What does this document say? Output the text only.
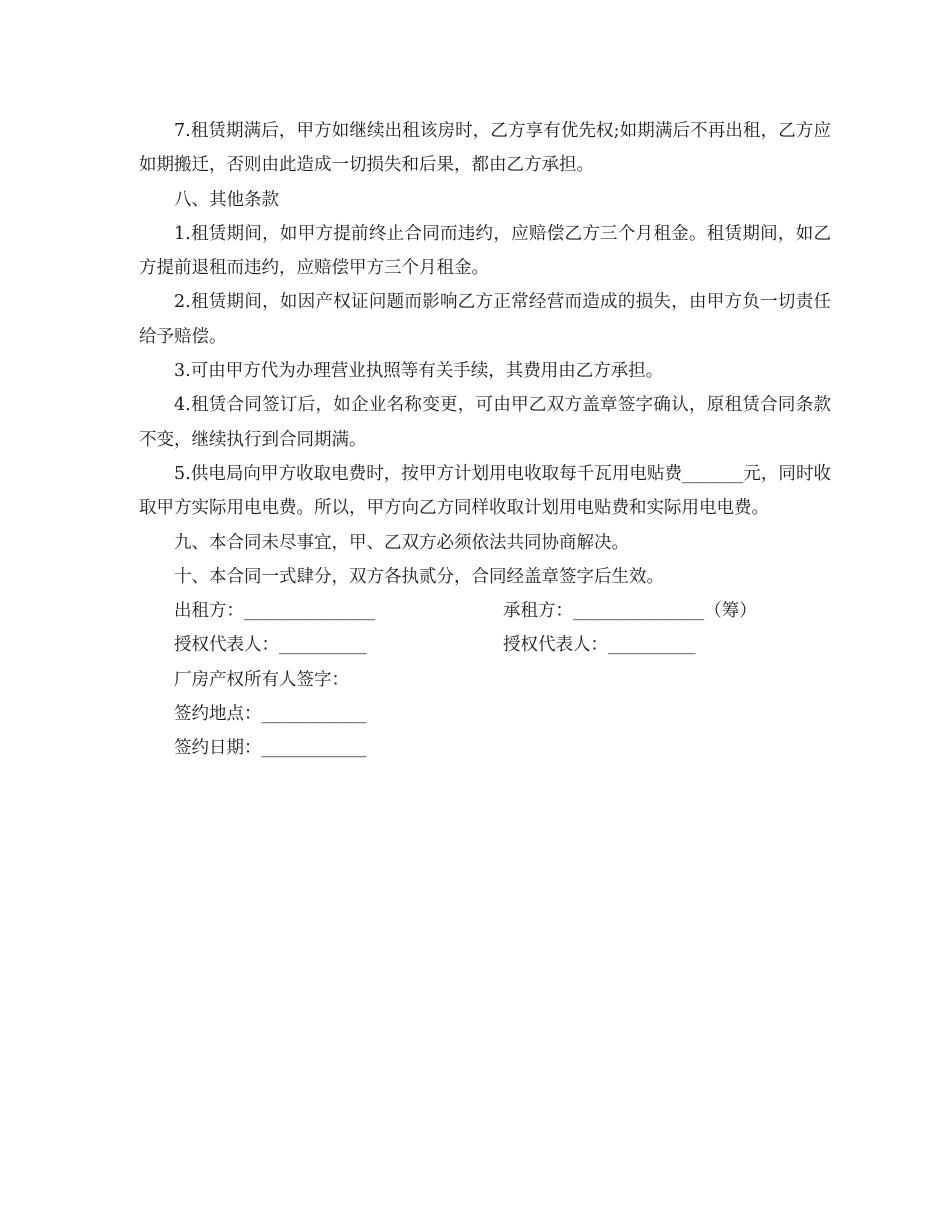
7.租赁期满后，甲方如继续出租该房时，乙方享有优先权;如期满后不再出租，乙方应如期搬迁，否则由此造成一切损失和后果，都由乙方承担。

八、其他条款

1.租赁期间，如甲方提前终止合同而违约，应赔偿乙方三个月租金。租赁期间，如乙方提前退租而违约，应赔偿甲方三个月租金。

2.租赁期间，如因产权证问题而影响乙方正常经营而造成的损失，由甲方负一切责任给予赔偿。

3.可由甲方代为办理营业执照等有关手续，其费用由乙方承担。

4.租赁合同签订后，如企业名称变更，可由甲乙双方盖章签字确认，原租赁合同条款不变，继续执行到合同期满。

5.供电局向甲方收取电费时，按甲方计划用电收取每千瓦用电贴费_______元，同时收取甲方实际用电电费。所以，甲方向乙方同样收取计划用电贴费和实际用电电费。

九、本合同未尽事宜，甲、乙双方必须依法共同协商解决。

十、本合同一式肆分，双方各执贰分，合同经盖章签字后生效。

出租方：_______________	承租方：_______________（筹）
授权代表人：__________	授权代表人：__________
厂房产权所有人签字：
签约地点：____________
签约日期：____________
